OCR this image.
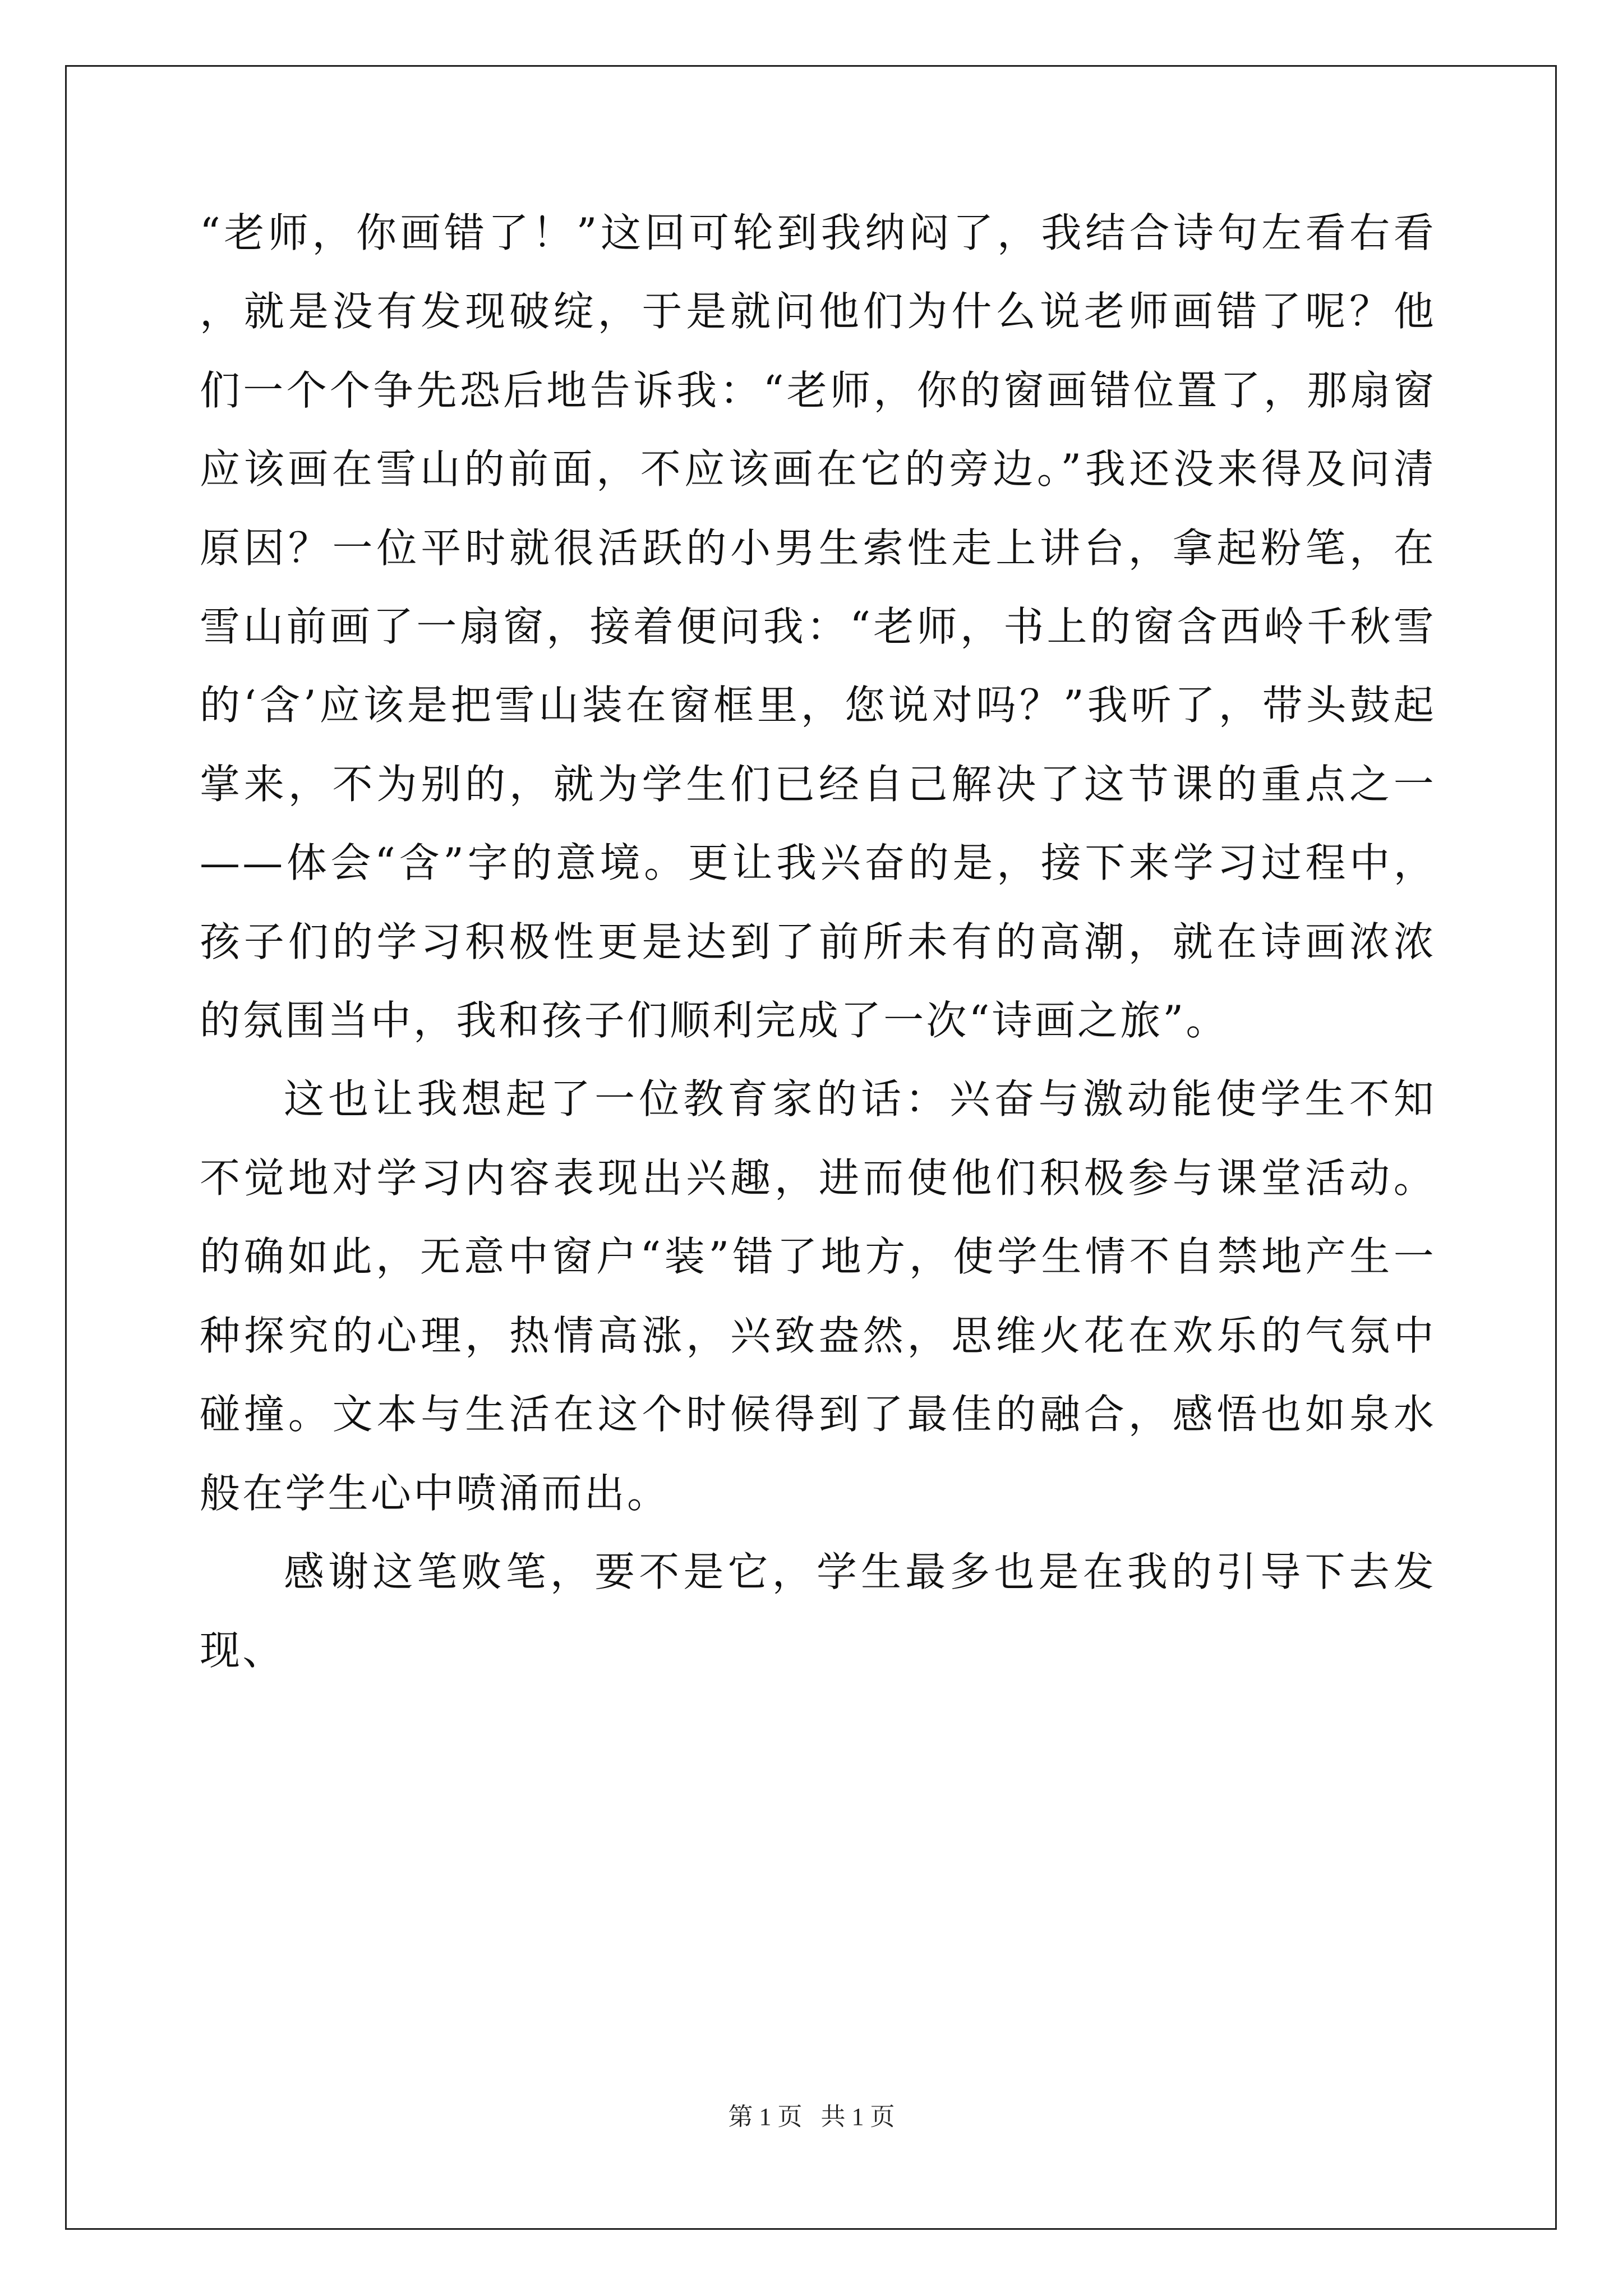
“老师，你画错了！”这回可轮到我纳闷了，我结合诗句左看右看，就是没有发现破绽，于是就问他们为什么说老师画错了呢？他们一个个争先恐后地告诉我：“老师，你的窗画错位置了，那扇窗应该画在雪山的前面，不应该画在它的旁边。”我还没来得及问清原因？一位平时就很活跃的小男生索性走上讲台，拿起粉笔，在雪山前画了一扇窗，接着便问我：“老师，书上的窗含西岭千秋雪的‘含’应该是把雪山装在窗框里，您说对吗？”我听了，带头鼓起掌来，不为别的，就为学生们已经自己解决了这节课的重点之一——体会“含”字的意境。更让我兴奋的是，接下来学习过程中，孩子们的学习积极性更是达到了前所未有的高潮，就在诗画浓浓的氛围当中，我和孩子们顺利完成了一次“诗画之旅”。

这也让我想起了一位教育家的话：兴奋与激动能使学生不知不觉地对学习内容表现出兴趣，进而使他们积极参与课堂活动。的确如此，无意中窗户“装”错了地方，使学生情不自禁地产生一种探究的心理，热情高涨，兴致盎然，思维火花在欢乐的气氛中碰撞。文本与生活在这个时候得到了最佳的融合，感悟也如泉水般在学生心中喷涌而出。

感谢这笔败笔，要不是它，学生最多也是在我的引导下去发现、

第 1 页   共 1 页
